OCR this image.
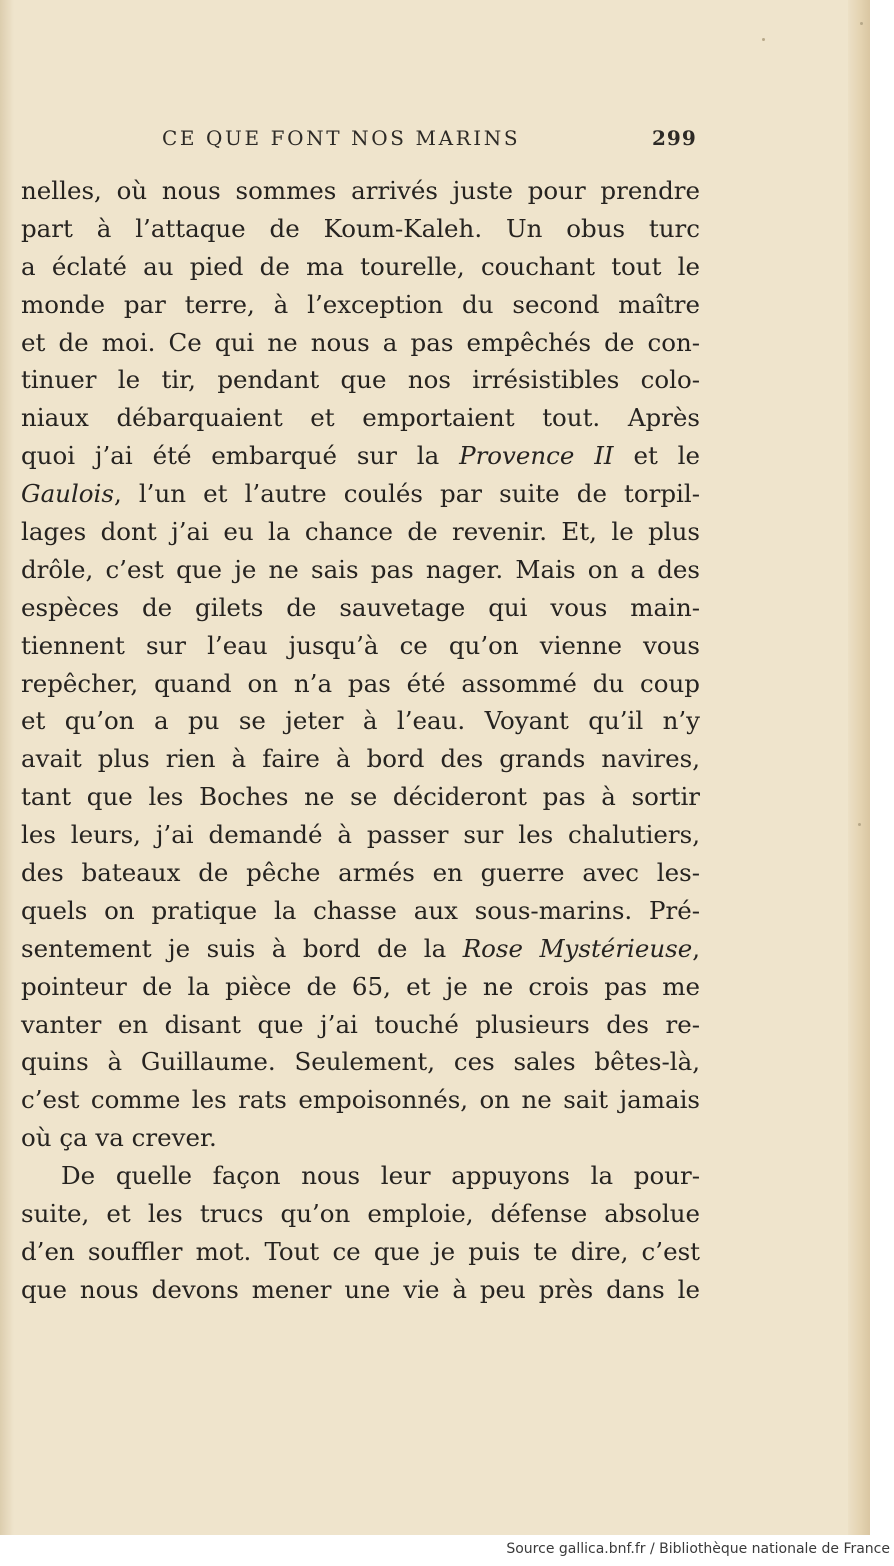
CE QUE FONT NOS MARINS	299
nelles, où nous sommes arrivés juste pour prendre
part à l’attaque de Koum-Kaleh. Un obus turc
a éclaté au pied de ma tourelle, couchant tout le
monde par terre, à l’exception du second maître
et de moi. Ce qui ne nous a pas empêchés de con-
tinuer le tir, pendant que nos irrésistibles colo-
niaux débarquaient et emportaient tout. Après
quoi j’ai été embarqué sur la Provence II et le
Gaulois, l’un et l’autre coulés par suite de torpil-
lages dont j’ai eu la chance de revenir. Et, le plus
drôle, c’est que je ne sais pas nager. Mais on a des
espèces de gilets de sauvetage qui vous main-
tiennent sur l’eau jusqu’à ce qu’on vienne vous
repêcher, quand on n’a pas été assommé du coup
et qu’on a pu se jeter à l’eau. Voyant qu’il n’y
avait plus rien à faire à bord des grands navires,
tant que les Boches ne se décideront pas à sortir
les leurs, j’ai demandé à passer sur les chalutiers,
des bateaux de pêche armés en guerre avec les-
quels on pratique la chasse aux sous-marins. Pré-
sentement je suis à bord de la Rose Mystérieuse,
pointeur de la pièce de 65, et je ne crois pas me
vanter en disant que j’ai touché plusieurs des re-
quins à Guillaume. Seulement, ces sales bêtes-là,
c’est comme les rats empoisonnés, on ne sait jamais
où ça va crever.
De quelle façon nous leur appuyons la pour-
suite, et les trucs qu’on emploie, défense absolue
d’en souffler mot. Tout ce que je puis te dire, c’est
que nous devons mener une vie à peu près dans le
Source gallica.bnf.fr / Bibliothèque nationale de France
